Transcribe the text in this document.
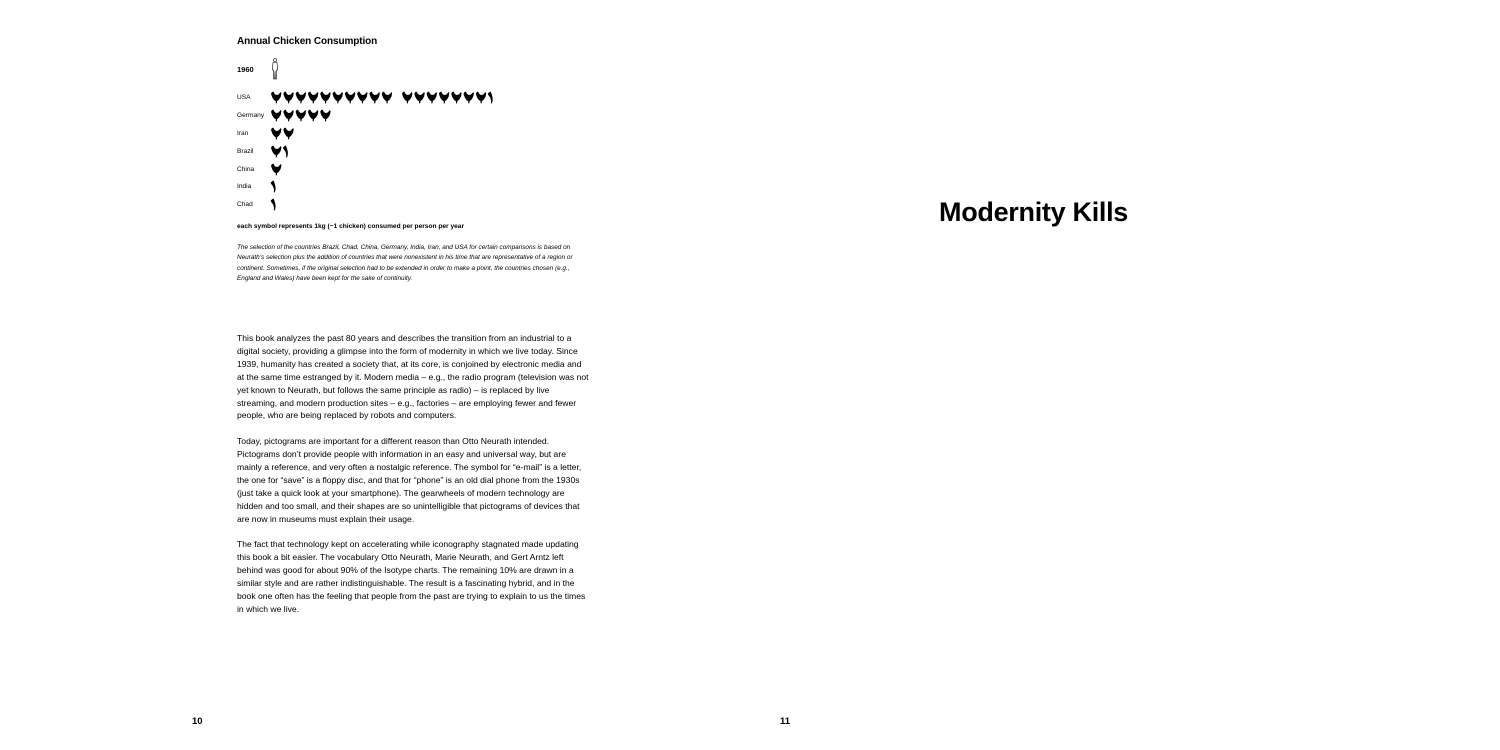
Annual Chicken Consumption
1960
USA
Germany
Iran
Brazil
China
India
Chad
each symbol represents 1kg (~1 chicken) consumed per person per year
The selection of the countries Brazil, Chad, China, Germany, India, Iran, and USA for certain comparisons is based on Neurath’s selection plus the addition of countries that were nonexistent in his time that are representative of a region or continent. Sometimes, if the original selection had to be extended in order to make a point, the countries chosen (e.g., England and Wales) have been kept for the sake of continuity.

This book analyzes the past 80 years and describes the transition from an industrial to a digital society, providing a glimpse into the form of modernity in which we live today. Since 1939, humanity has created a society that, at its core, is conjoined by electronic media and at the same time estranged by it. Modern media – e.g., the radio program (television was not yet known to Neurath, but follows the same principle as radio) – is replaced by live streaming, and modern production sites – e.g., factories – are employing fewer and fewer people, who are being replaced by robots and computers.

Today, pictograms are important for a different reason than Otto Neurath intended. Pictograms don’t provide people with information in an easy and universal way, but are mainly a reference, and very often a nostalgic reference. The symbol for “e-mail” is a letter, the one for “save” is a floppy disc, and that for “phone” is an old dial phone from the 1930s (just take a quick look at your smartphone). The gearwheels of modern technology are hidden and too small, and their shapes are so unintelligible that pictograms of devices that are now in museums must explain their usage.

The fact that technology kept on accelerating while iconography stagnated made updating this book a bit easier. The vocabulary Otto Neurath, Marie Neurath, and Gert Arntz left behind was good for about 90% of the Isotype charts. The remaining 10% are drawn in a similar style and are rather indistinguishable. The result is a fascinating hybrid, and in the book one often has the feeling that people from the past are trying to explain to us the times in which we live.

10
Modernity Kills
11
